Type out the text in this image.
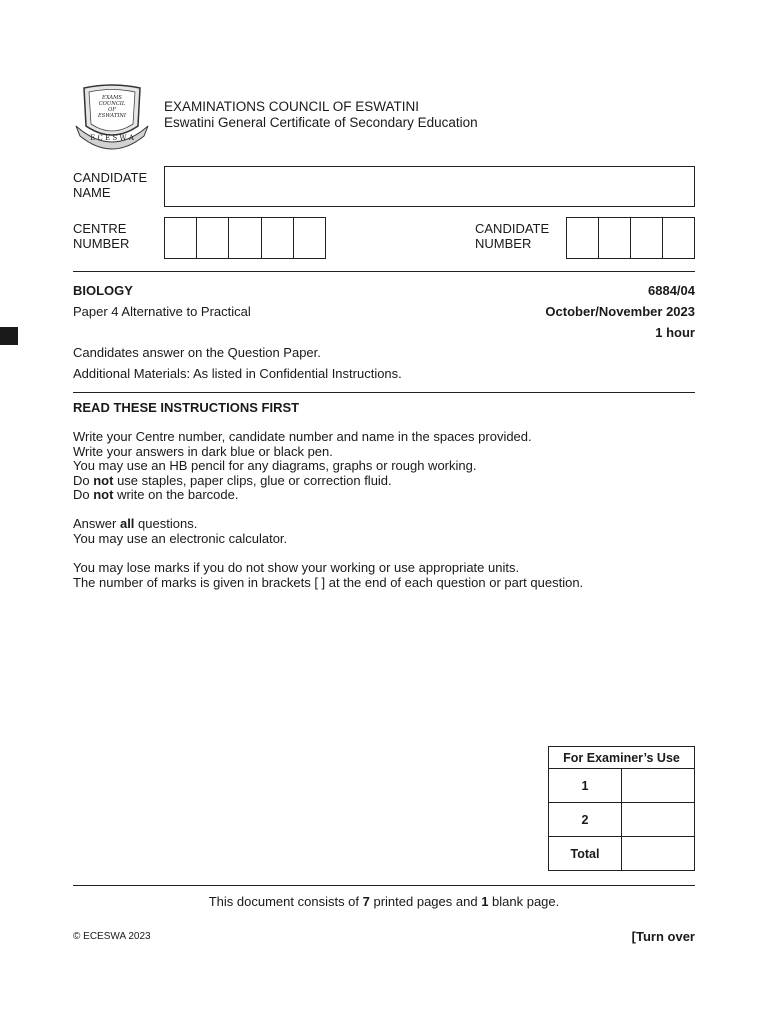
EXAMS
COUNCIL
OF
ESWATINI
E C E S W A
EXAMINATIONS COUNCIL OF ESWATINI
Eswatini General Certificate of Secondary Education
CANDIDATE
NAME
CENTRE
NUMBER
CANDIDATE
NUMBER
BIOLOGY	6884/04
Paper 4 Alternative to Practical	October/November 2023
1 hour
Candidates answer on the Question Paper.
Additional Materials: As listed in Confidential Instructions.
READ THESE INSTRUCTIONS FIRST
Write your Centre number, candidate number and name in the spaces provided.
Write your answers in dark blue or black pen.
You may use an HB pencil for any diagrams, graphs or rough working.
Do not use staples, paper clips, glue or correction fluid.
Do not write on the barcode.
Answer all questions.
You may use an electronic calculator.
You may lose marks if you do not show your working or use appropriate units.
The number of marks is given in brackets [ ] at the end of each question or part question.
For Examiner’s Use	
1	
2	
Total	
This document consists of 7 printed pages and 1 blank page.
© ECESWA 2023	[Turn over
